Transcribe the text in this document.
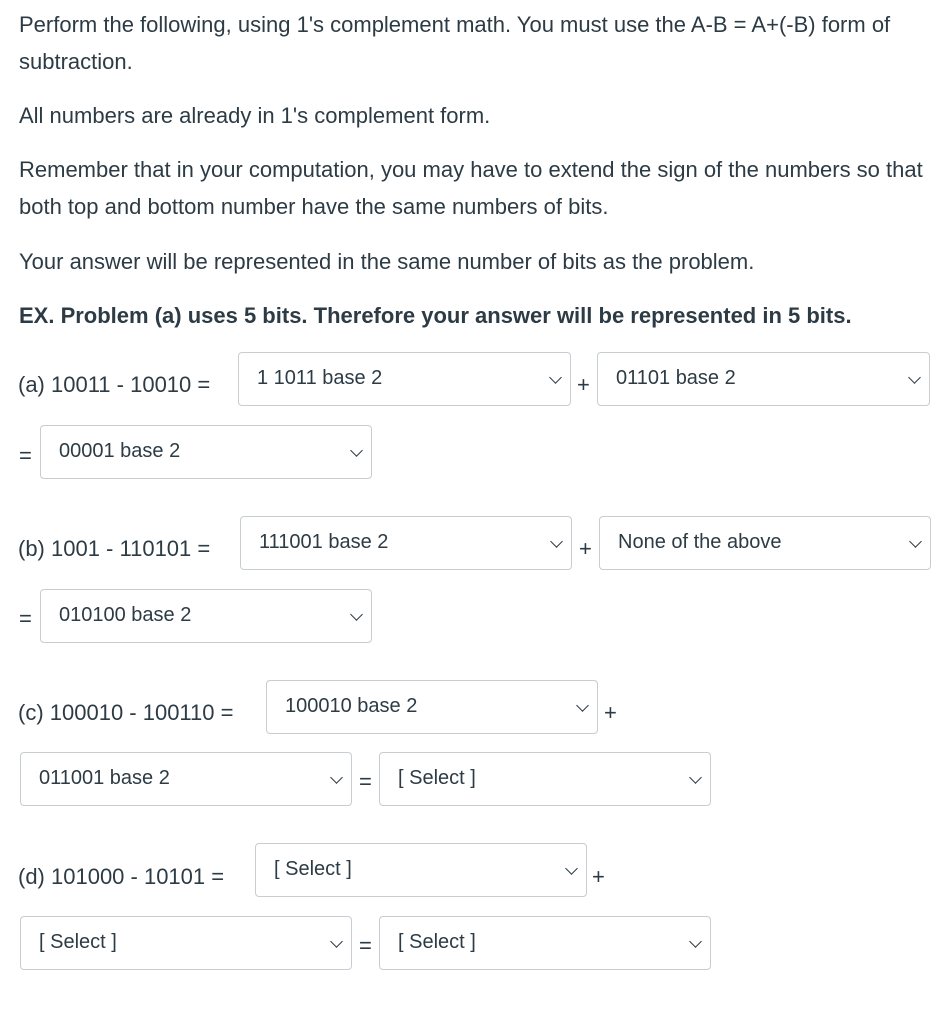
Perform the following, using 1's complement math. You must use the A-B = A+(-B) form of subtraction.

All numbers are already in 1's complement form.

Remember that in your computation, you may have to extend the sign of the numbers so that both top and bottom number have the same numbers of bits.

Your answer will be represented in the same number of bits as the problem.

EX. Problem (a) uses 5 bits. Therefore your answer will be represented in 5 bits.

(a) 10011 - 10010 = 1 1011 base 2	+ 01101 base 2
= 00001 base 2
(b) 1001 - 110101 = 111001 base 2	+ None of the above
= 010100 base 2
(c) 100010 - 100110 =	100010 base 2	+
011001 base 2	= [ Select ]
(d) 101000 - 10101 = [ Select ]	+
[ Select ]	= [ Select ]
